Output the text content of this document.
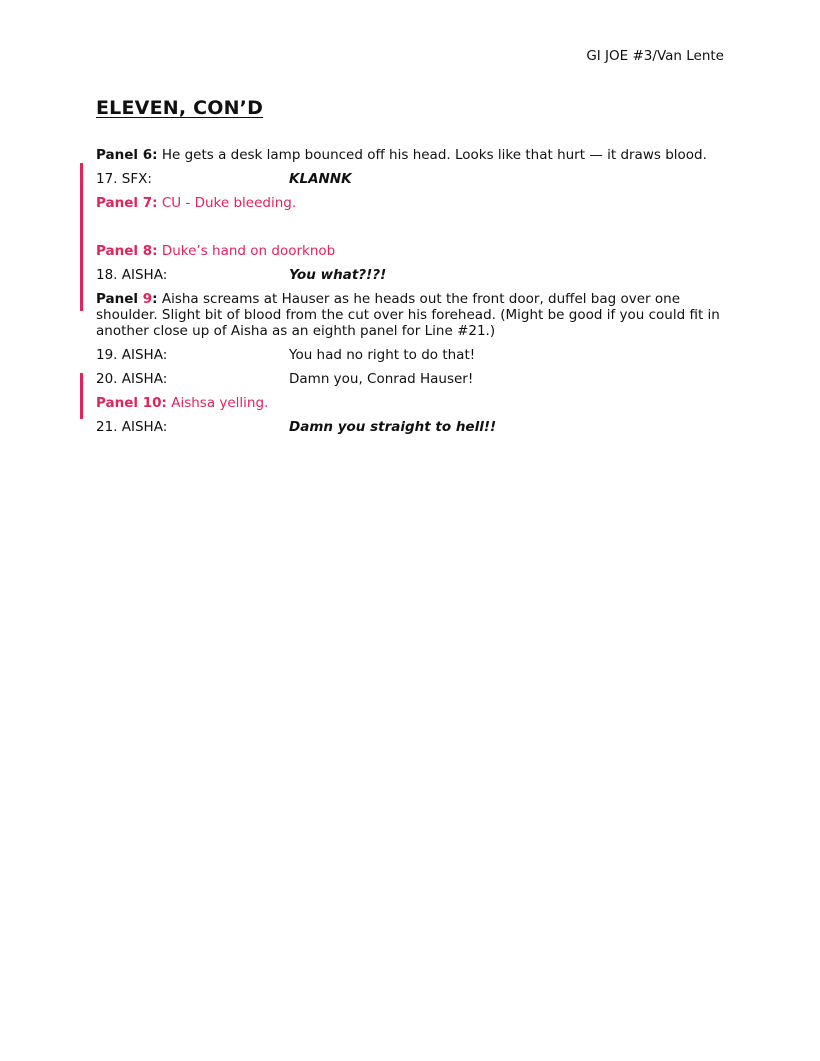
GI JOE #3/Van Lente
ELEVEN, CON’D
Panel 6: He gets a desk lamp bounced off his head. Looks like that hurt — it draws blood.
17. SFX:	KLANNK
Panel 7: CU - Duke bleeding.
Panel 8: Duke’s hand on doorknob
18. AISHA:	You what?!?!
Panel 9: Aisha screams at Hauser as he heads out the front door, duffel bag over one shoulder. Slight bit of blood from the cut over his forehead. (Might be good if you could fit in another close up of Aisha as an eighth panel for Line #21.)
19. AISHA:	You had no right to do that!
20. AISHA:	Damn you, Conrad Hauser!
Panel 10: Aishsa yelling.
21. AISHA:	Damn you straight to hell!!
